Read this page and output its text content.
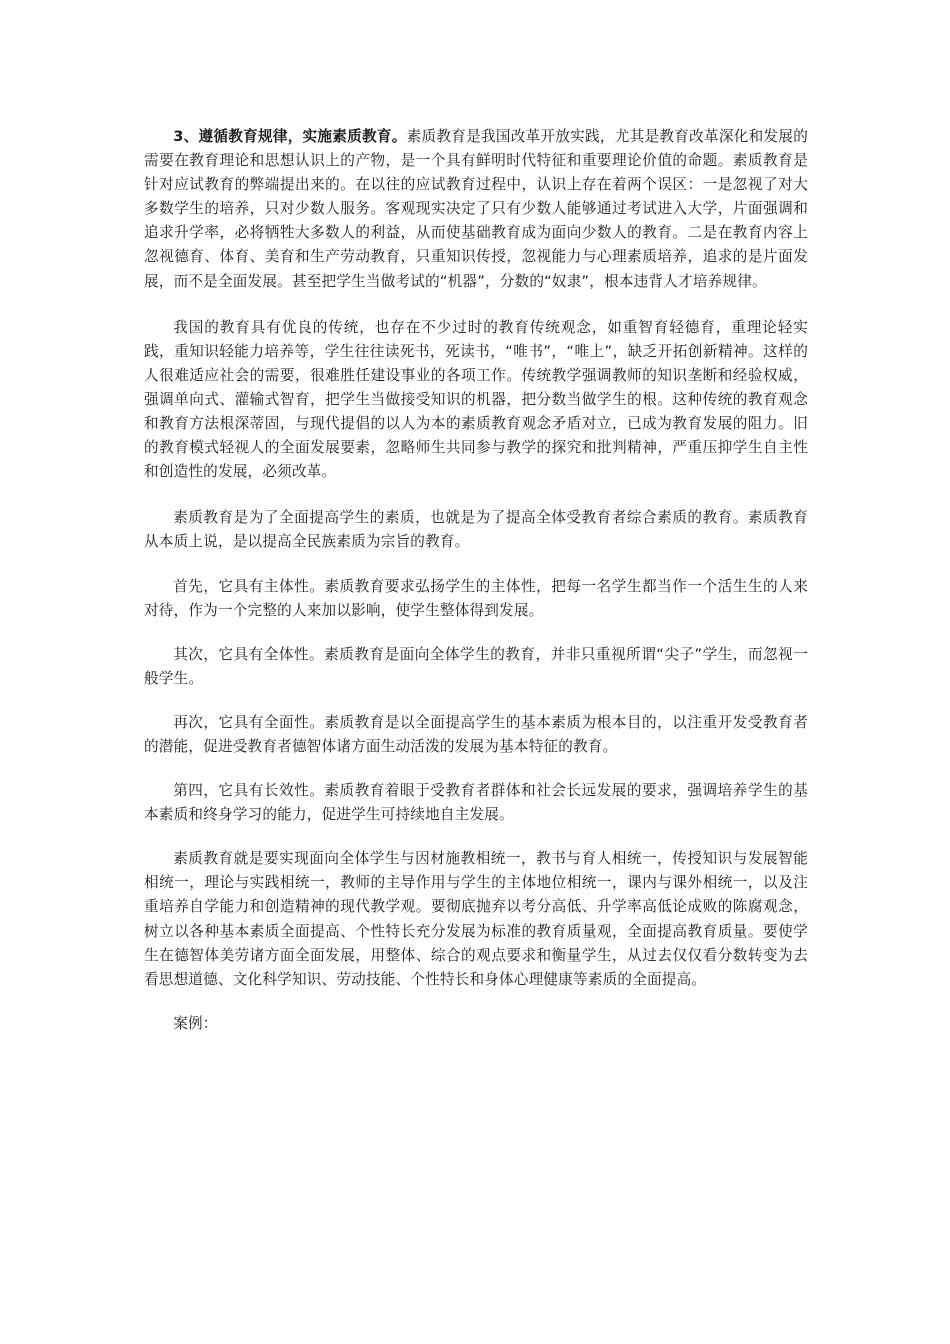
3、遵循教育规律，实施素质教育。素质教育是我国改革开放实践，尤其是教育改革深化和发展的需要在教育理论和思想认识上的产物，是一个具有鲜明时代特征和重要理论价值的命题。素质教育是针对应试教育的弊端提出来的。在以往的应试教育过程中，认识上存在着两个误区：一是忽视了对大多数学生的培养，只对少数人服务。客观现实决定了只有少数人能够通过考试进入大学，片面强调和追求升学率，必将牺牲大多数人的利益，从而使基础教育成为面向少数人的教育。二是在教育内容上忽视德育、体育、美育和生产劳动教育，只重知识传授，忽视能力与心理素质培养，追求的是片面发展，而不是全面发展。甚至把学生当做考试的“机器”，分数的“奴隶”，根本违背人才培养规律。

我国的教育具有优良的传统，也存在不少过时的教育传统观念，如重智育轻德育，重理论轻实践，重知识轻能力培养等，学生往往读死书，死读书，“唯书”，“唯上”，缺乏开拓创新精神。这样的人很难适应社会的需要，很难胜任建设事业的各项工作。传统教学强调教师的知识垄断和经验权威，强调单向式、灌输式智育，把学生当做接受知识的机器，把分数当做学生的根。这种传统的教育观念和教育方法根深蒂固，与现代提倡的以人为本的素质教育观念矛盾对立，已成为教育发展的阻力。旧的教育模式轻视人的全面发展要素，忽略师生共同参与教学的探究和批判精神，严重压抑学生自主性和创造性的发展，必须改革。

素质教育是为了全面提高学生的素质，也就是为了提高全体受教育者综合素质的教育。素质教育从本质上说，是以提高全民族素质为宗旨的教育。

首先，它具有主体性。素质教育要求弘扬学生的主体性，把每一名学生都当作一个活生生的人来对待，作为一个完整的人来加以影响，使学生整体得到发展。

其次，它具有全体性。素质教育是面向全体学生的教育，并非只重视所谓“尖子”学生，而忽视一般学生。

再次，它具有全面性。素质教育是以全面提高学生的基本素质为根本目的，以注重开发受教育者的潜能，促进受教育者德智体诸方面生动活泼的发展为基本特征的教育。

第四，它具有长效性。素质教育着眼于受教育者群体和社会长远发展的要求，强调培养学生的基本素质和终身学习的能力，促进学生可持续地自主发展。

素质教育就是要实现面向全体学生与因材施教相统一，教书与育人相统一，传授知识与发展智能相统一，理论与实践相统一，教师的主导作用与学生的主体地位相统一，课内与课外相统一，以及注重培养自学能力和创造精神的现代教学观。要彻底抛弃以考分高低、升学率高低论成败的陈腐观念，树立以各种基本素质全面提高、个性特长充分发展为标准的教育质量观，全面提高教育质量。要使学生在德智体美劳诸方面全面发展，用整体、综合的观点要求和衡量学生，从过去仅仅看分数转变为去看思想道德、文化科学知识、劳动技能、个性特长和身体心理健康等素质的全面提高。

案例：
